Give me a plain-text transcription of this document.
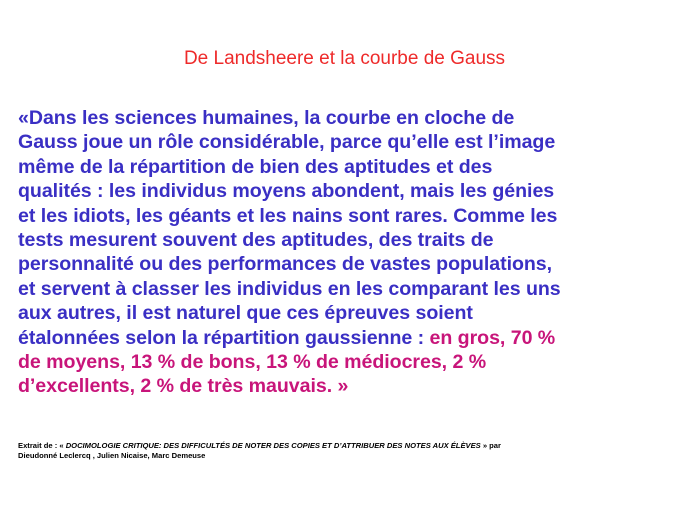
De Landsheere et la courbe de Gauss
«Dans les sciences humaines, la courbe en cloche de
Gauss joue un rôle considérable, parce qu’elle est l’image
même de la répartition de bien des aptitudes et des
qualités : les individus moyens abondent, mais les génies
et les idiots, les géants et les nains sont rares. Comme les
tests mesurent souvent des aptitudes, des traits de
personnalité ou des performances de vastes populations,
et servent à classer les individus en les comparant les uns
aux autres, il est naturel que ces épreuves soient
étalonnées selon la répartition gaussienne : en gros, 70 %
de moyens, 13 % de bons, 13 % de médiocres, 2 %
d’excellents, 2 % de très mauvais. »
Extrait de : « DOCIMOLOGIE CRITIQUE: DES DIFFICULTÉS DE NOTER DES COPIES ET D’ATTRIBUER DES NOTES AUX ÉLÈVES » par
Dieudonné Leclercq , Julien Nicaise, Marc Demeuse
